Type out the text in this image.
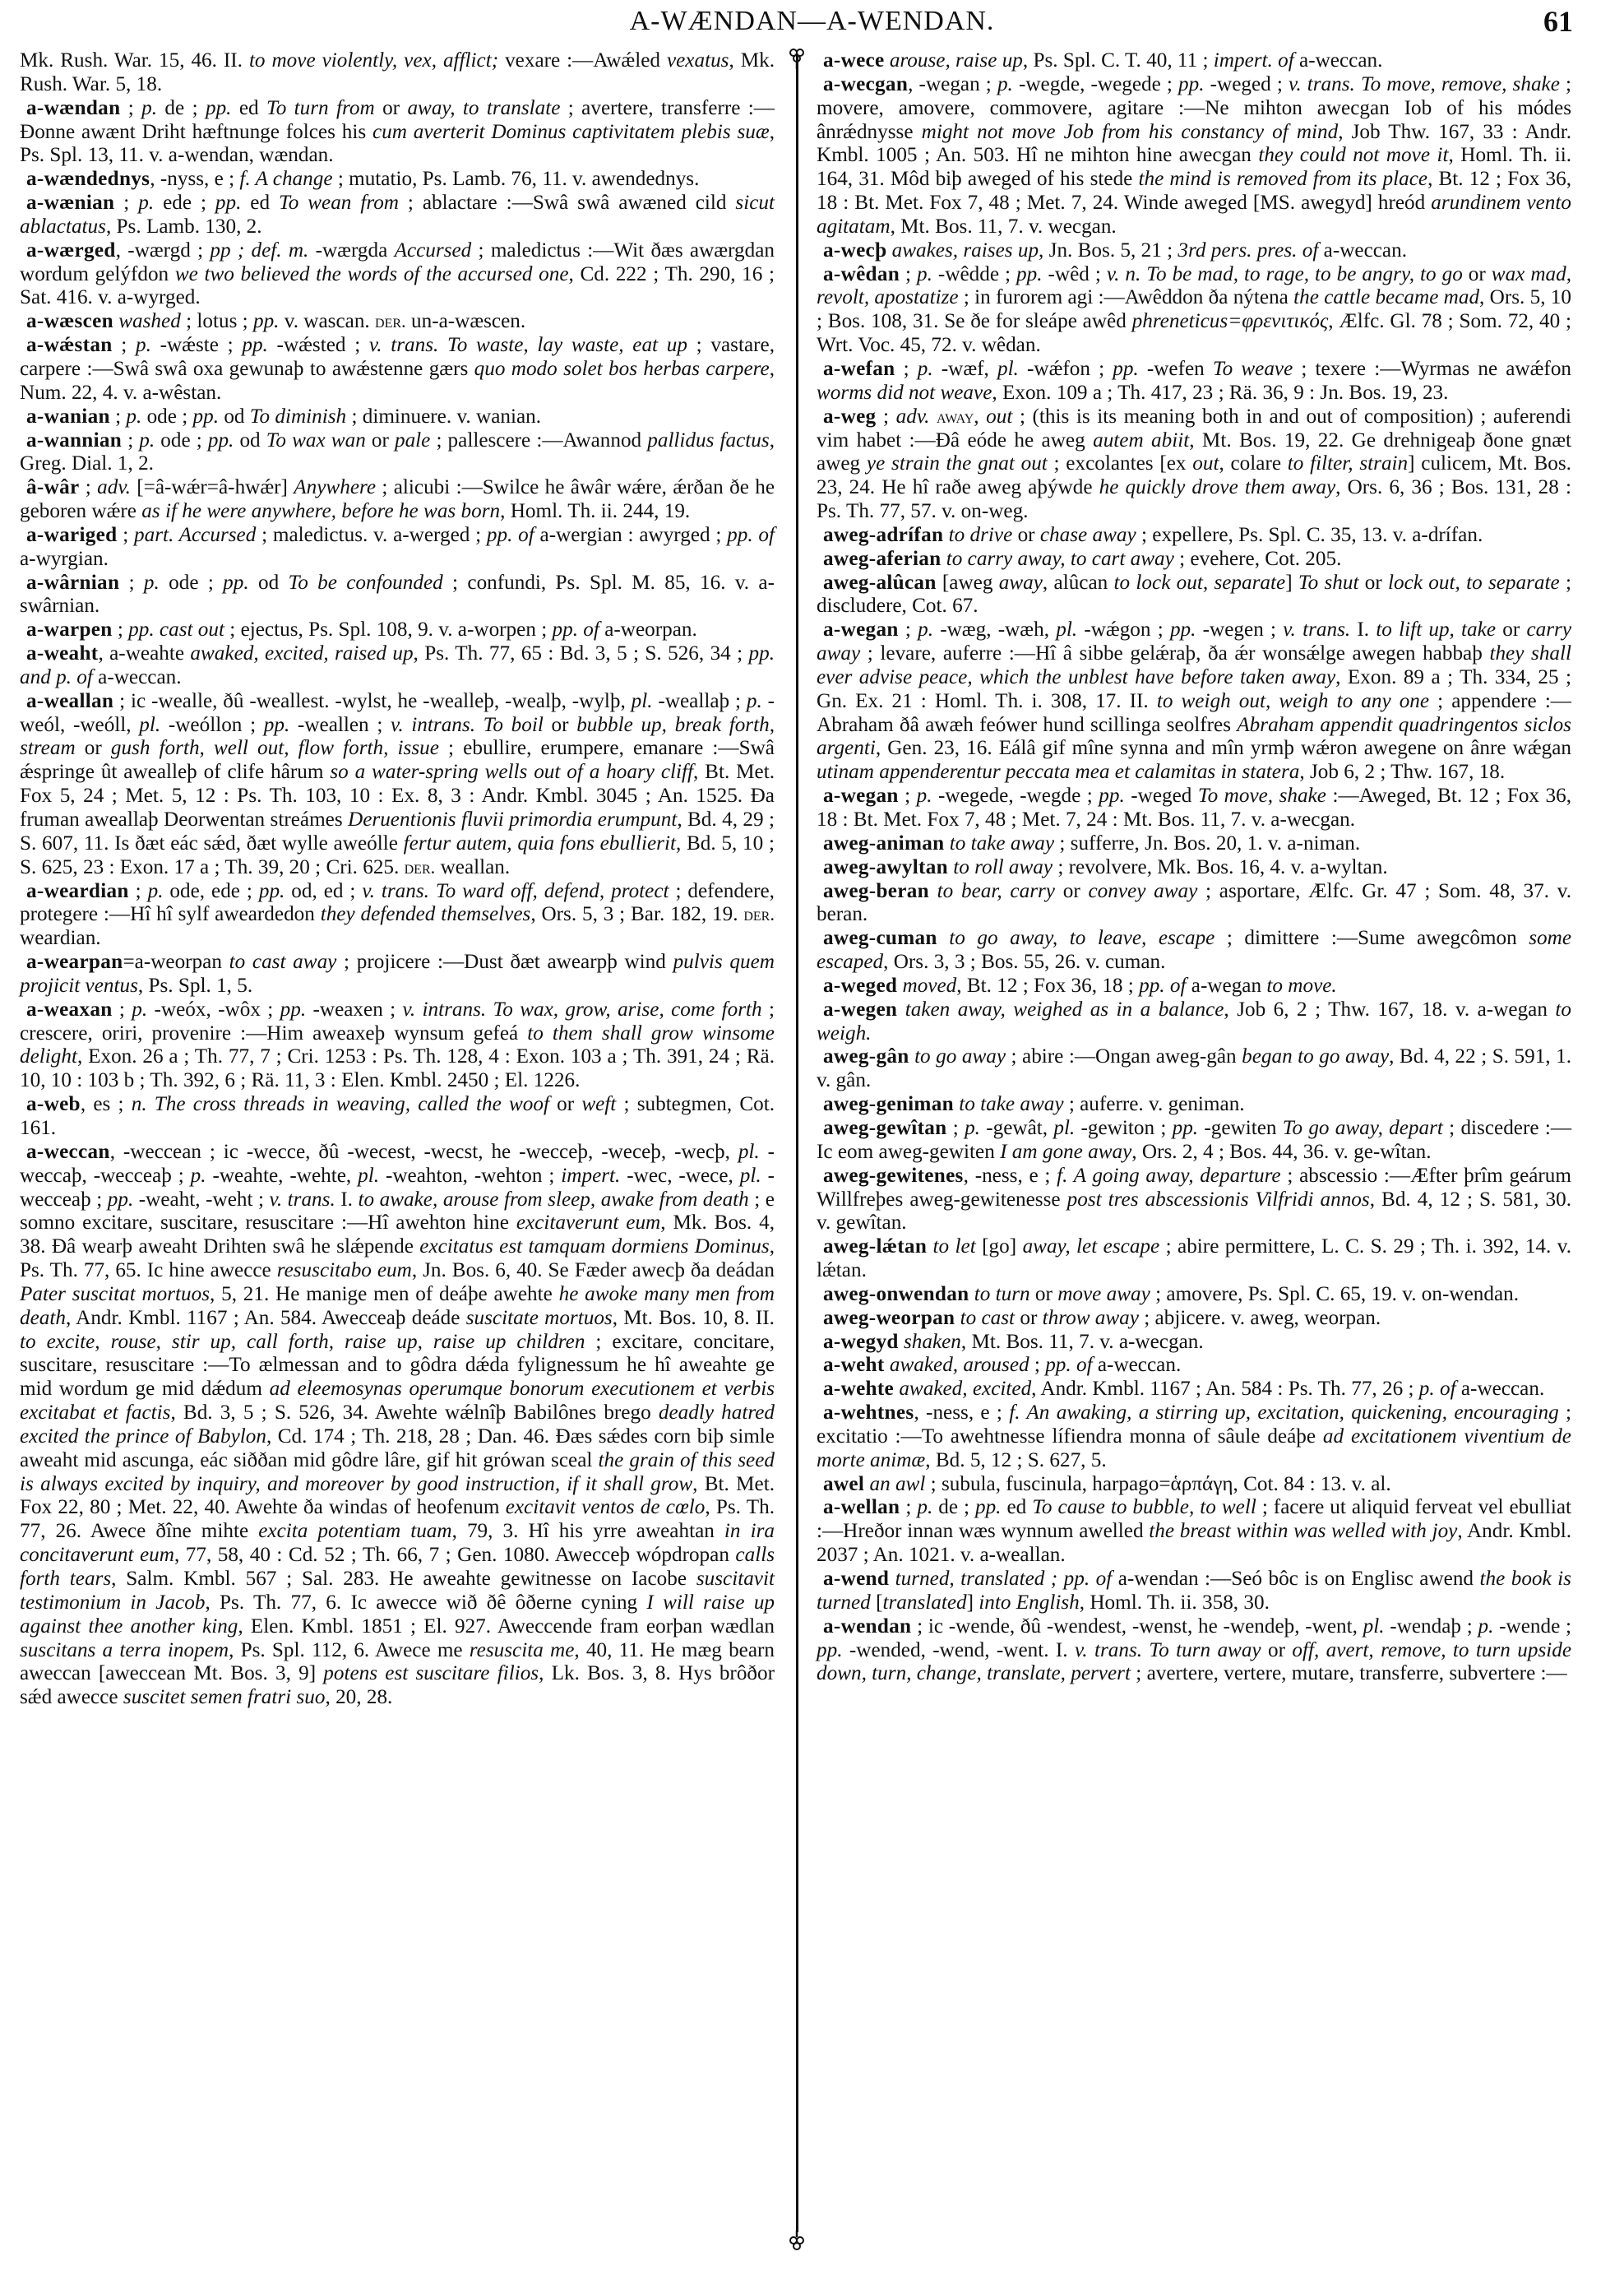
A-WÆNDAN—A-WENDAN.	61

Mk. Rush. War. 15, 46. II. to move violently, vex, afflict; vexare :—Awǽled vexatus, Mk. Rush. War. 5, 18.

a-wændan ; p. de ; pp. ed To turn from or away, to translate ; avertere, transferre :—Ðonne awænt Driht hæftnunge folces his cum averterit Dominus captivitatem plebis suæ, Ps. Spl. 13, 11. v. a-wendan, wændan.

a-wændednys, -nyss, e ; f. A change ; mutatio, Ps. Lamb. 76, 11. v. awendednys.

a-wænian ; p. ede ; pp. ed To wean from ; ablactare :—Swâ swâ awæned cild sicut ablactatus, Ps. Lamb. 130, 2.

a-wærged, -wærgd ; pp ; def. m. -wærgda Accursed ; maledictus :—Wit ðæs awærgdan wordum gelýfdon we two believed the words of the accursed one, Cd. 222 ; Th. 290, 16 ; Sat. 416. v. a-wyrged.

a-wæscen washed ; lotus ; pp. v. wascan. der. un-a-wæscen.

a-wǽstan ; p. -wǽste ; pp. -wǽsted ; v. trans. To waste, lay waste, eat up ; vastare, carpere :—Swâ swâ oxa gewunaþ to awǽstenne gærs quo modo solet bos herbas carpere, Num. 22, 4. v. a-wêstan.

a-wanian ; p. ode ; pp. od To diminish ; diminuere. v. wanian.

a-wannian ; p. ode ; pp. od To wax wan or pale ; pallescere :—Awannod pallidus factus, Greg. Dial. 1, 2.

â-wâr ; adv. [=â-wǽr=â-hwǽr] Anywhere ; alicubi :—Swilce he âwâr wǽre, ǽrðan ðe he geboren wǽre as if he were anywhere, before he was born, Homl. Th. ii. 244, 19.

a-wariged ; part. Accursed ; maledictus. v. a-werged ; pp. of a-wergian : awyrged ; pp. of a-wyrgian.

a-wârnian ; p. ode ; pp. od To be confounded ; confundi, Ps. Spl. M. 85, 16. v. a-swârnian.

a-warpen ; pp. cast out ; ejectus, Ps. Spl. 108, 9. v. a-worpen ; pp. of a-weorpan.

a-weaht, a-weahte awaked, excited, raised up, Ps. Th. 77, 65 : Bd. 3, 5 ; S. 526, 34 ; pp. and p. of a-weccan.

a-weallan ; ic -wealle, ðû -weallest. -wylst, he -wealleþ, -wealþ, -wylþ, pl. -weallaþ ; p. -weól, -weóll, pl. -weóllon ; pp. -weallen ; v. intrans. To boil or bubble up, break forth, stream or gush forth, well out, flow forth, issue ; ebullire, erumpere, emanare :—Swâ ǽspringe ût awealleþ of clife hârum so a water-spring wells out of a hoary cliff, Bt. Met. Fox 5, 24 ; Met. 5, 12 : Ps. Th. 103, 10 : Ex. 8, 3 : Andr. Kmbl. 3045 ; An. 1525. Ða fruman aweallaþ Deorwentan streámes Deruentionis fluvii primordia erumpunt, Bd. 4, 29 ; S. 607, 11. Is ðæt eác sǽd, ðæt wylle aweólle fertur autem, quia fons ebullierit, Bd. 5, 10 ; S. 625, 23 : Exon. 17 a ; Th. 39, 20 ; Cri. 625. der. weallan.

a-weardian ; p. ode, ede ; pp. od, ed ; v. trans. To ward off, defend, protect ; defendere, protegere :—Hî hî sylf aweardedon they defended themselves, Ors. 5, 3 ; Bar. 182, 19. der. weardian.

a-wearpan=a-weorpan to cast away ; projicere :—Dust ðæt awearpþ wind pulvis quem projicit ventus, Ps. Spl. 1, 5.

a-weaxan ; p. -weóx, -wôx ; pp. -weaxen ; v. intrans. To wax, grow, arise, come forth ; crescere, oriri, provenire :—Him aweaxeþ wynsum gefeá to them shall grow winsome delight, Exon. 26 a ; Th. 77, 7 ; Cri. 1253 : Ps. Th. 128, 4 : Exon. 103 a ; Th. 391, 24 ; Rä. 10, 10 : 103 b ; Th. 392, 6 ; Rä. 11, 3 : Elen. Kmbl. 2450 ; El. 1226.

a-web, es ; n. The cross threads in weaving, called the woof or weft ; subtegmen, Cot. 161.

a-weccan, -weccean ; ic -wecce, ðû -wecest, -wecst, he -wecceþ, -weceþ, -wecþ, pl. -weccaþ, -wecceaþ ; p. -weahte, -wehte, pl. -weahton, -wehton ; impert. -wec, -wece, pl. -wecceaþ ; pp. -weaht, -weht ; v. trans. I. to awake, arouse from sleep, awake from death ; e somno excitare, suscitare, resuscitare :—Hî awehton hine excitaverunt eum, Mk. Bos. 4, 38. Ðâ wearþ aweaht Drihten swâ he slǽpende excitatus est tamquam dormiens Dominus, Ps. Th. 77, 65. Ic hine awecce resuscitabo eum, Jn. Bos. 6, 40. Se Fæder awecþ ða deádan Pater suscitat mortuos, 5, 21. He manige men of deáþe awehte he awoke many men from death, Andr. Kmbl. 1167 ; An. 584. Awecceaþ deáde suscitate mortuos, Mt. Bos. 10, 8. II. to excite, rouse, stir up, call forth, raise up, raise up children ; excitare, concitare, suscitare, resuscitare :—To ælmessan and to gôdra dǽda fylignessum he hî aweahte ge mid wordum ge mid dǽdum ad eleemosynas operumque bonorum executionem et verbis excitabat et factis, Bd. 3, 5 ; S. 526, 34. Awehte wǽlnîþ Babilônes brego deadly hatred excited the prince of Babylon, Cd. 174 ; Th. 218, 28 ; Dan. 46. Ðæs sǽdes corn biþ simle aweaht mid ascunga, eác siððan mid gôdre lâre, gif hit grówan sceal the grain of this seed is always excited by inquiry, and moreover by good instruction, if it shall grow, Bt. Met. Fox 22, 80 ; Met. 22, 40. Awehte ða windas of heofenum excitavit ventos de cœlo, Ps. Th. 77, 26. Awece ðîne mihte excita potentiam tuam, 79, 3. Hî his yrre aweahtan in ira concitaverunt eum, 77, 58, 40 : Cd. 52 ; Th. 66, 7 ; Gen. 1080. Awecceþ wópdropan calls forth tears, Salm. Kmbl. 567 ; Sal. 283. He aweahte gewitnesse on Iacobe suscitavit testimonium in Jacob, Ps. Th. 77, 6. Ic awecce wið ðê ôðerne cyning I will raise up against thee another king, Elen. Kmbl. 1851 ; El. 927. Aweccende fram eorþan wædlan suscitans a terra inopem, Ps. Spl. 112, 6. Awece me resuscita me, 40, 11. He mæg bearn aweccan [aweccean Mt. Bos. 3, 9] potens est suscitare filios, Lk. Bos. 3, 8. Hys brôðor sǽd awecce suscitet semen fratri suo, 20, 28.

a-wece arouse, raise up, Ps. Spl. C. T. 40, 11 ; impert. of a-weccan.

a-wecgan, -wegan ; p. -wegde, -wegede ; pp. -weged ; v. trans. To move, remove, shake ; movere, amovere, commovere, agitare :—Ne mihton awecgan Iob of his módes ânrǽdnysse might not move Job from his constancy of mind, Job Thw. 167, 33 : Andr. Kmbl. 1005 ; An. 503. Hî ne mihton hine awecgan they could not move it, Homl. Th. ii. 164, 31. Môd biþ aweged of his stede the mind is removed from its place, Bt. 12 ; Fox 36, 18 : Bt. Met. Fox 7, 48 ; Met. 7, 24. Winde aweged [MS. awegyd] hreód arundinem vento agitatam, Mt. Bos. 11, 7. v. wecgan.

a-wecþ awakes, raises up, Jn. Bos. 5, 21 ; 3rd pers. pres. of a-weccan.

a-wêdan ; p. -wêdde ; pp. -wêd ; v. n. To be mad, to rage, to be angry, to go or wax mad, revolt, apostatize ; in furorem agi :—Awêddon ða nýtena the cattle became mad, Ors. 5, 10 ; Bos. 108, 31. Se ðe for sleápe awêd phreneticus=φρενιτικός, Ælfc. Gl. 78 ; Som. 72, 40 ; Wrt. Voc. 45, 72. v. wêdan.

a-wefan ; p. -wæf, pl. -wǽfon ; pp. -wefen To weave ; texere :—Wyrmas ne awǽfon worms did not weave, Exon. 109 a ; Th. 417, 23 ; Rä. 36, 9 : Jn. Bos. 19, 23.

a-weg ; adv. away, out ; (this is its meaning both in and out of composition) ; auferendi vim habet :—Ðâ eóde he aweg autem abiit, Mt. Bos. 19, 22. Ge drehnigeaþ ðone gnæt aweg ye strain the gnat out ; excolantes [ex out, colare to filter, strain] culicem, Mt. Bos. 23, 24. He hî raðe aweg aþýwde he quickly drove them away, Ors. 6, 36 ; Bos. 131, 28 : Ps. Th. 77, 57. v. on-weg.

aweg-adrífan to drive or chase away ; expellere, Ps. Spl. C. 35, 13. v. a-drífan.

aweg-aferian to carry away, to cart away ; evehere, Cot. 205.

aweg-alûcan [aweg away, alûcan to lock out, separate] To shut or lock out, to separate ; discludere, Cot. 67.

a-wegan ; p. -wæg, -wæh, pl. -wǽgon ; pp. -wegen ; v. trans. I. to lift up, take or carry away ; levare, auferre :—Hî â sibbe gelǽraþ, ða ǽr wonsǽlge awegen habbaþ they shall ever advise peace, which the unblest have before taken away, Exon. 89 a ; Th. 334, 25 ; Gn. Ex. 21 : Homl. Th. i. 308, 17. II. to weigh out, weigh to any one ; appendere :—Abraham ðâ awæh feówer hund scillinga seolfres Abraham appendit quadringentos siclos argenti, Gen. 23, 16. Eálâ gif mîne synna and mîn yrmþ wǽron awegene on ânre wǽgan utinam appenderentur peccata mea et calamitas in statera, Job 6, 2 ; Thw. 167, 18.

a-wegan ; p. -wegede, -wegde ; pp. -weged To move, shake :—Aweged, Bt. 12 ; Fox 36, 18 : Bt. Met. Fox 7, 48 ; Met. 7, 24 : Mt. Bos. 11, 7. v. a-wecgan.

aweg-animan to take away ; sufferre, Jn. Bos. 20, 1. v. a-niman.

aweg-awyltan to roll away ; revolvere, Mk. Bos. 16, 4. v. a-wyltan.

aweg-beran to bear, carry or convey away ; asportare, Ælfc. Gr. 47 ; Som. 48, 37. v. beran.

aweg-cuman to go away, to leave, escape ; dimittere :—Sume awegcômon some escaped, Ors. 3, 3 ; Bos. 55, 26. v. cuman.

a-weged moved, Bt. 12 ; Fox 36, 18 ; pp. of a-wegan to move.

a-wegen taken away, weighed as in a balance, Job 6, 2 ; Thw. 167, 18. v. a-wegan to weigh.

aweg-gân to go away ; abire :—Ongan aweg-gân began to go away, Bd. 4, 22 ; S. 591, 1. v. gân.

aweg-geniman to take away ; auferre. v. geniman.

aweg-gewîtan ; p. -gewât, pl. -gewiton ; pp. -gewiten To go away, depart ; discedere :—Ic eom aweg-gewiten I am gone away, Ors. 2, 4 ; Bos. 44, 36. v. ge-wîtan.

aweg-gewitenes, -ness, e ; f. A going away, departure ; abscessio :—Æfter þrîm geárum Willfreþes aweg-gewitenesse post tres abscessionis Vilfridi annos, Bd. 4, 12 ; S. 581, 30. v. gewîtan.

aweg-lǽtan to let [go] away, let escape ; abire permittere, L. C. S. 29 ; Th. i. 392, 14. v. lǽtan.

aweg-onwendan to turn or move away ; amovere, Ps. Spl. C. 65, 19. v. on-wendan.

aweg-weorpan to cast or throw away ; abjicere. v. aweg, weorpan.

a-wegyd shaken, Mt. Bos. 11, 7. v. a-wecgan.

a-weht awaked, aroused ; pp. of a-weccan.

a-wehte awaked, excited, Andr. Kmbl. 1167 ; An. 584 : Ps. Th. 77, 26 ; p. of a-weccan.

a-wehtnes, -ness, e ; f. An awaking, a stirring up, excitation, quickening, encouraging ; excitatio :—To awehtnesse lífiendra monna of sâule deáþe ad excitationem viventium de morte animæ, Bd. 5, 12 ; S. 627, 5.

awel an awl ; subula, fuscinula, harpago=ἁρπάγη, Cot. 84 : 13. v. al.

a-wellan ; p. de ; pp. ed To cause to bubble, to well ; facere ut aliquid ferveat vel ebulliat :—Hreðor innan wæs wynnum awelled the breast within was welled with joy, Andr. Kmbl. 2037 ; An. 1021. v. a-weallan.

a-wend turned, translated ; pp. of a-wendan :—Seó bôc is on Englisc awend the book is turned [translated] into English, Homl. Th. ii. 358, 30.

a-wendan ; ic -wende, ðû -wendest, -wenst, he -wendeþ, -went, pl. -wendaþ ; p. -wende ; pp. -wended, -wend, -went. I. v. trans. To turn away or off, avert, remove, to turn upside down, turn, change, translate, pervert ; avertere, vertere, mutare, transferre, subvertere :—
